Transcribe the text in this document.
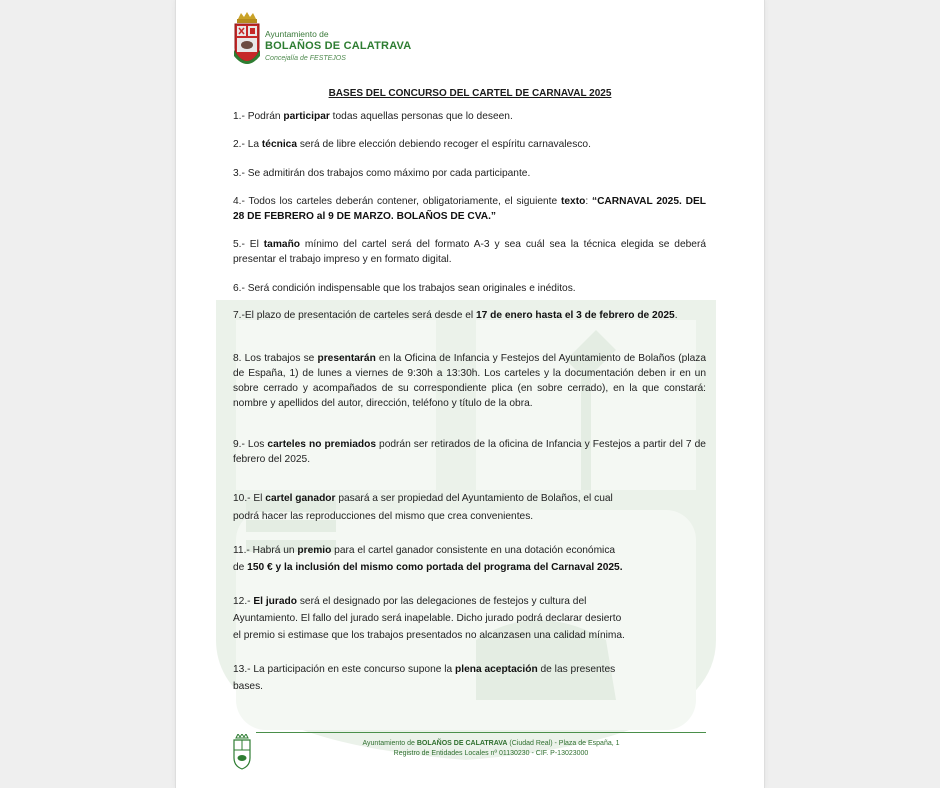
Ayuntamiento de
BOLAÑOS DE CALATRAVA
Concejalía de FESTEJOS
BASES DEL CONCURSO DEL CARTEL DE CARNAVAL 2025
1.- Podrán participar todas aquellas personas que lo deseen.
2.- La técnica será de libre elección debiendo recoger el espíritu carnavalesco.
3.- Se admitirán dos trabajos como máximo por cada participante.
4.- Todos los carteles deberán contener, obligatoriamente, el siguiente texto: “CARNAVAL 2025. DEL 28 DE FEBRERO al 9 DE MARZO. BOLAÑOS DE CVA.”
5.- El tamaño mínimo del cartel será del formato A-3 y sea cuál sea la técnica elegida se deberá presentar el trabajo impreso y en formato digital.
6.- Será condición indispensable que los trabajos sean originales e inéditos.
7.-El plazo de presentación de carteles será desde el 17 de enero hasta el 3 de febrero de 2025.
8. Los trabajos se presentarán en la Oficina de Infancia y Festejos del Ayuntamiento de Bolaños (plaza de España, 1) de lunes a viernes de 9:30h a 13:30h. Los carteles y la documentación deben ir en un sobre cerrado y acompañados de su correspondiente plica (en sobre cerrado), en la que constará: nombre y apellidos del autor, dirección, teléfono y título de la obra.
9.- Los carteles no premiados podrán ser retirados de la oficina de Infancia y Festejos a partir del 7 de febrero del 2025.
10.- El cartel ganador pasará a ser propiedad del Ayuntamiento de Bolaños, el cual
podrá hacer las reproducciones del mismo que crea convenientes.
11.- Habrá un premio para el cartel ganador consistente en una dotación económica
de 150 € y la inclusión del mismo como portada del programa del Carnaval 2025.
12.- El jurado será el designado por las delegaciones de festejos y cultura del
Ayuntamiento. El fallo del jurado será inapelable. Dicho jurado podrá declarar desierto
el premio si estimase que los trabajos presentados no alcanzasen una calidad mínima.
13.- La participación en este concurso supone la plena aceptación de las presentes
bases.
Ayuntamiento de BOLAÑOS DE CALATRAVA (Ciudad Real) - Plaza de España, 1
Registro de Entidades Locales nº 01130230 - CIF. P-13023000
